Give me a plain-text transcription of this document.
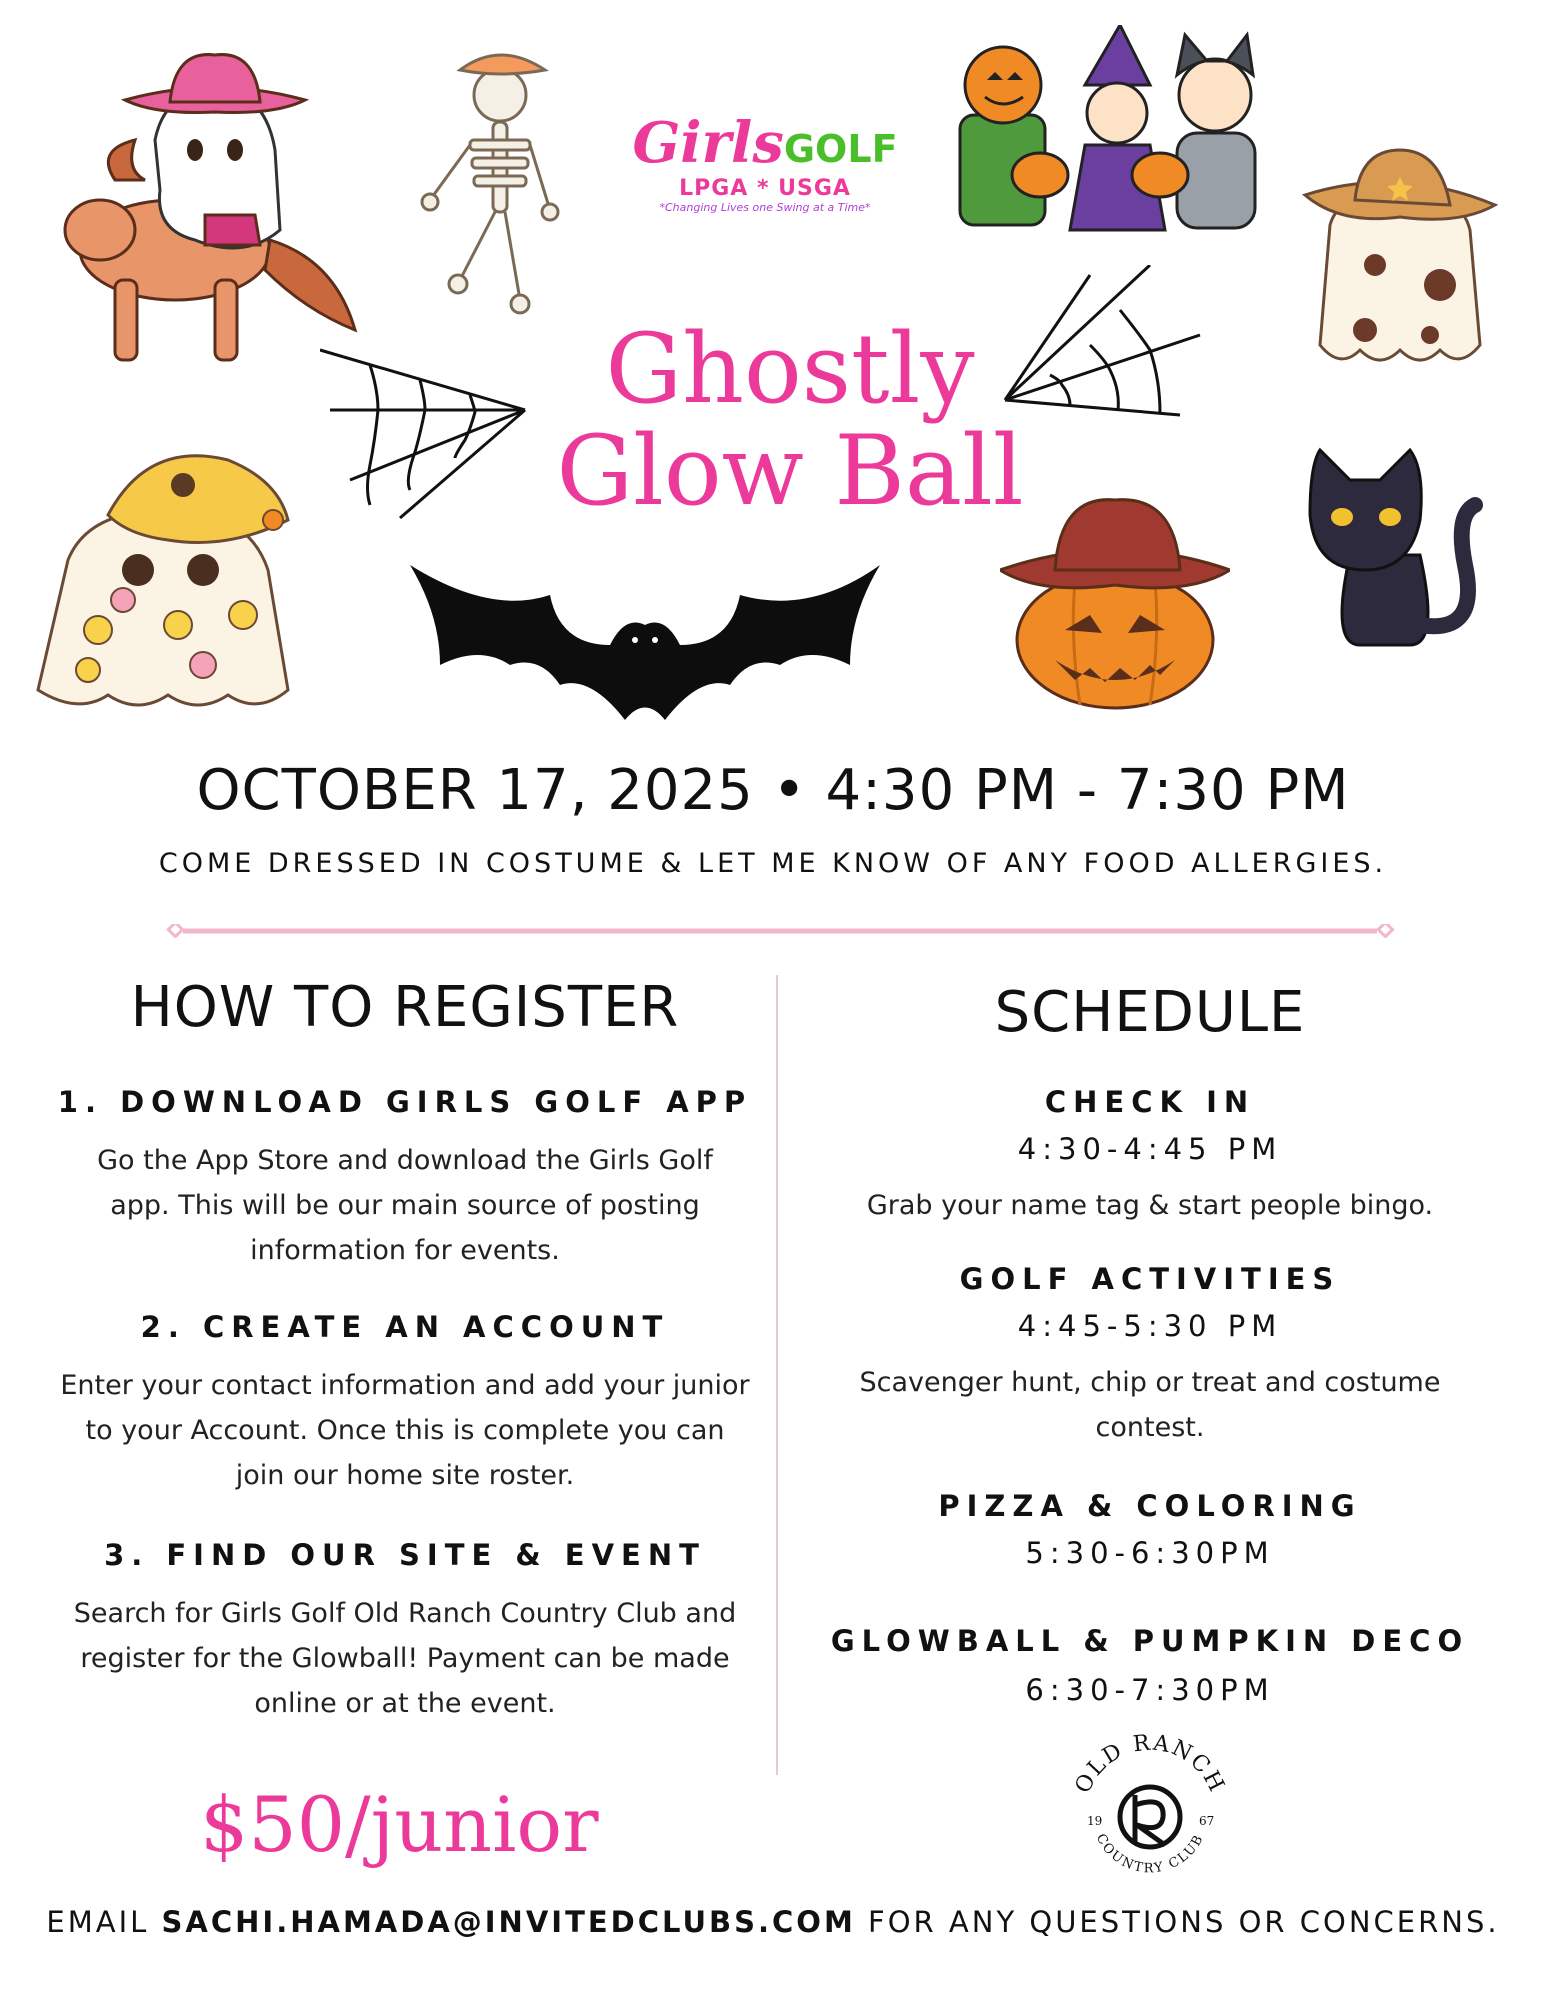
GirlsGOLF
LPGA * USGA
*Changing Lives one Swing at a Time*
Ghostly
Glow Ball
OCTOBER 17, 2025 • 4:30 PM - 7:30 PM
COME DRESSED IN COSTUME & LET ME KNOW OF ANY FOOD ALLERGIES.
HOW TO REGISTER
1. DOWNLOAD GIRLS GOLF APP
Go the App Store and download the Girls Golf app. This will be our main source of posting information for events.
2. CREATE AN ACCOUNT
Enter your contact information and add your junior to your Account. Once this is complete you can join our home site roster.
3. FIND OUR SITE & EVENT
Search for Girls Golf Old Ranch Country Club and register for the Glowball! Payment can be made online or at the event.
$50/junior
SCHEDULE
CHECK IN
4:30-4:45 PM
Grab your name tag & start people bingo.
GOLF ACTIVITIES
4:45-5:30 PM
Scavenger hunt, chip or treat and costume contest.
PIZZA & COLORING
5:30-6:30PM
GLOWBALL & PUMPKIN DECO
6:30-7:30PM
OLD RANCH
COUNTRY CLUB
19	67
EMAIL SACHI.HAMADA@INVITEDCLUBS.COM FOR ANY QUESTIONS OR CONCERNS.
